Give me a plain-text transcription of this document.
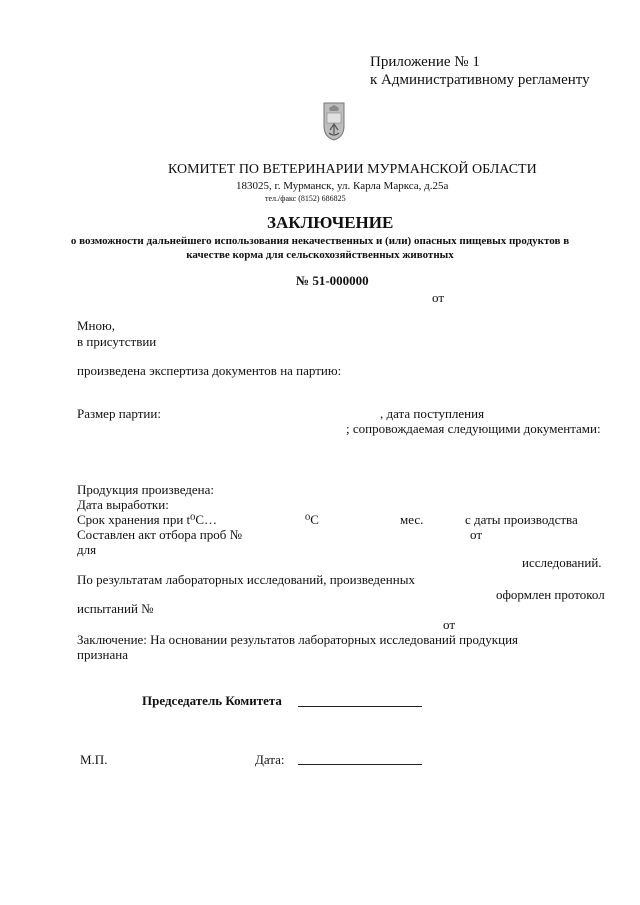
Приложение № 1
к Административному регламенту
КОМИТЕТ ПО ВЕТЕРИНАРИИ МУРМАНСКОЙ ОБЛАСТИ
183025, г. Мурманск, ул. Карла Маркса, д.25а
тел./факс (8152) 686825
ЗАКЛЮЧЕНИЕ
о возможности дальнейшего использования некачественных и (или) опасных пищевых продуктов в
качестве корма для сельскохозяйственных животных
№ 51-000000
от
Мною,
в присутствии
произведена экспертиза документов на партию:
Размер партии:	, дата поступления
; сопровождаемая следующими документами:
Продукция произведена:
Дата выработки:
Срок хранения при t⁰С…	⁰С	мес.	с даты производства
Составлен акт отбора проб №	от
для
исследований.
По результатам лабораторных исследований, произведенных
оформлен протокол
испытаний №
от
Заключение: На основании результатов лабораторных исследований продукция
признана
Председатель Комитета
М.П.	Дата:
